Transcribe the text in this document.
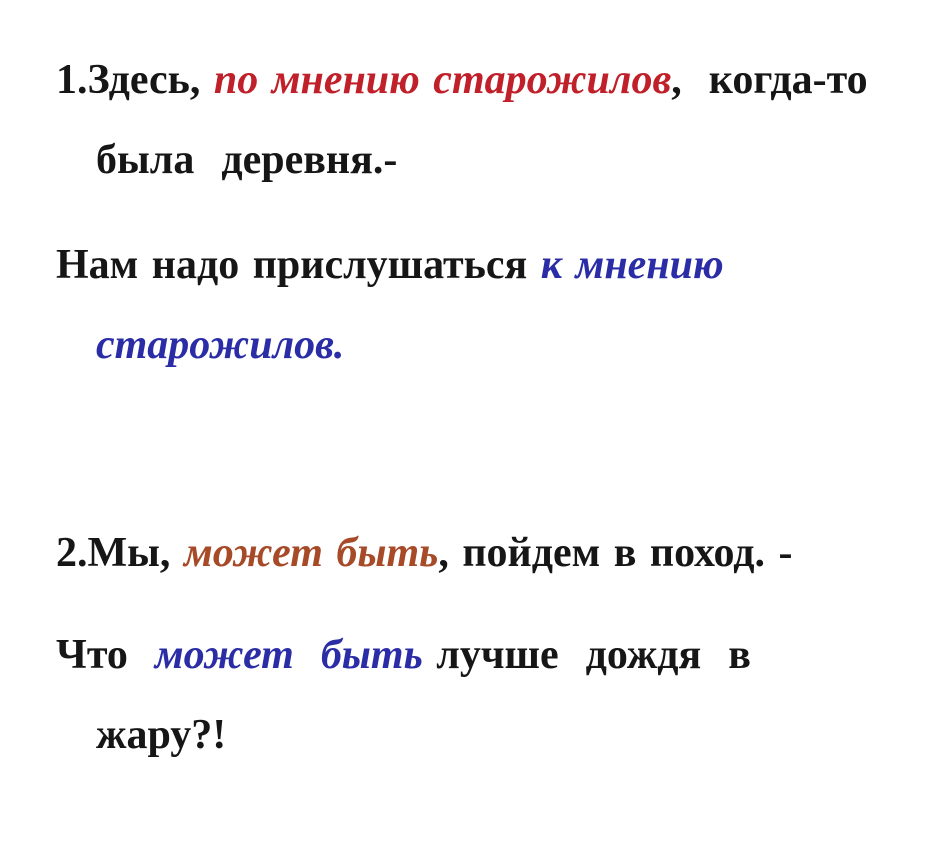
1.Здесь, по мнению старожилов,  когда-то
была  деревня.-
Нам надо прислушаться к мнению
старожилов.
2.Мы, может быть, пойдем в поход. -
Что  может  быть лучше  дождя  в
жару?!
